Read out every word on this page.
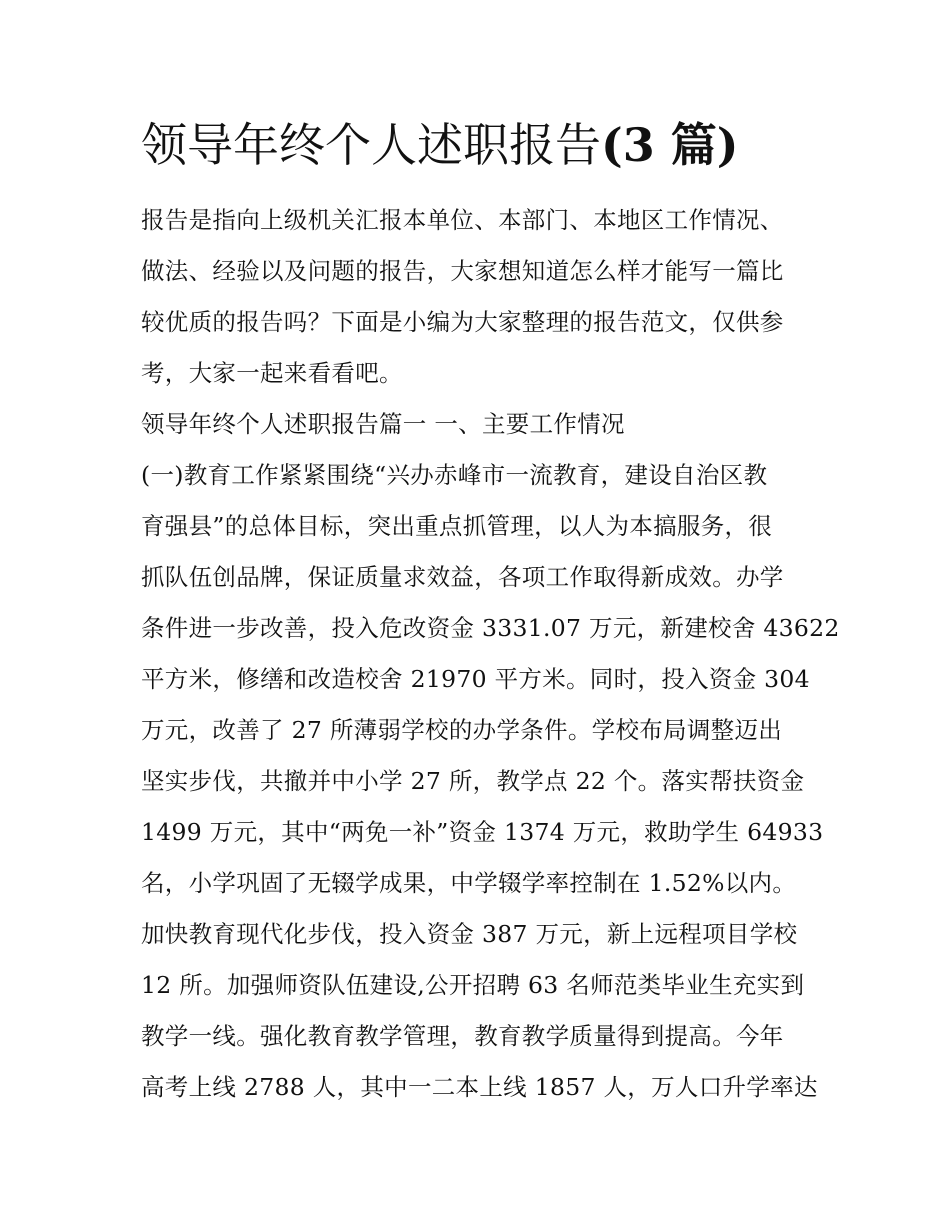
领导年终个人述职报告(3 篇)
报告是指向上级机关汇报本单位、本部门、本地区工作情况、
做法、经验以及问题的报告，大家想知道怎么样才能写一篇比
较优质的报告吗？下面是小编为大家整理的报告范文，仅供参
考，大家一起来看看吧。
领导年终个人述职报告篇一 一、主要工作情况
(一)教育工作紧紧围绕“兴办赤峰市一流教育，建设自治区教
育强县”的总体目标，突出重点抓管理，以人为本搞服务，很
抓队伍创品牌，保证质量求效益，各项工作取得新成效。办学
条件进一步改善，投入危改资金 3331.07 万元，新建校舍 43622
平方米，修缮和改造校舍 21970 平方米。同时，投入资金 304
万元，改善了 27 所薄弱学校的办学条件。学校布局调整迈出
坚实步伐，共撤并中小学 27 所，教学点 22 个。落实帮扶资金
1499 万元，其中“两免一补”资金 1374 万元，救助学生 64933
名，小学巩固了无辍学成果，中学辍学率控制在 1.52%以内。
加快教育现代化步伐，投入资金 387 万元，新上远程项目学校
12 所。加强师资队伍建设,公开招聘 63 名师范类毕业生充实到
教学一线。强化教育教学管理，教育教学质量得到提高。今年
高考上线 2788 人，其中一二本上线 1857 人，万人口升学率达
